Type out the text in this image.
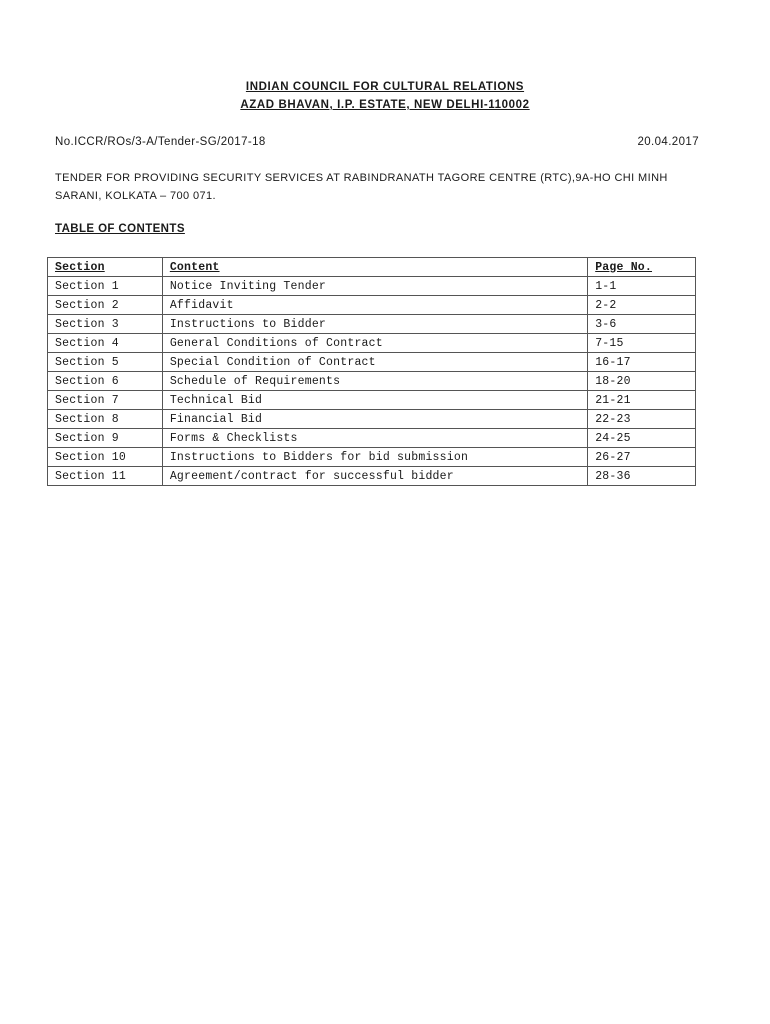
INDIAN COUNCIL FOR CULTURAL RELATIONS
AZAD BHAVAN, I.P. ESTATE, NEW DELHI-110002
No.ICCR/ROs/3-A/Tender-SG/2017-18	20.04.2017
TENDER FOR PROVIDING SECURITY SERVICES AT RABINDRANATH TAGORE CENTRE (RTC),9A-HO CHI MINH SARANI, KOLKATA – 700 071.
TABLE OF CONTENTS
Section	Content	Page No.
Section 1	Notice Inviting Tender	1-1
Section 2	Affidavit	2-2
Section 3	Instructions to Bidder	3-6
Section 4	General Conditions of Contract	7-15
Section 5	Special Condition of Contract	16-17
Section 6	Schedule of Requirements	18-20
Section 7	Technical Bid	21-21
Section 8	Financial Bid	22-23
Section 9	Forms & Checklists	24-25
Section 10	Instructions to Bidders for bid submission	26-27
Section 11	Agreement/contract for successful bidder	28-36
